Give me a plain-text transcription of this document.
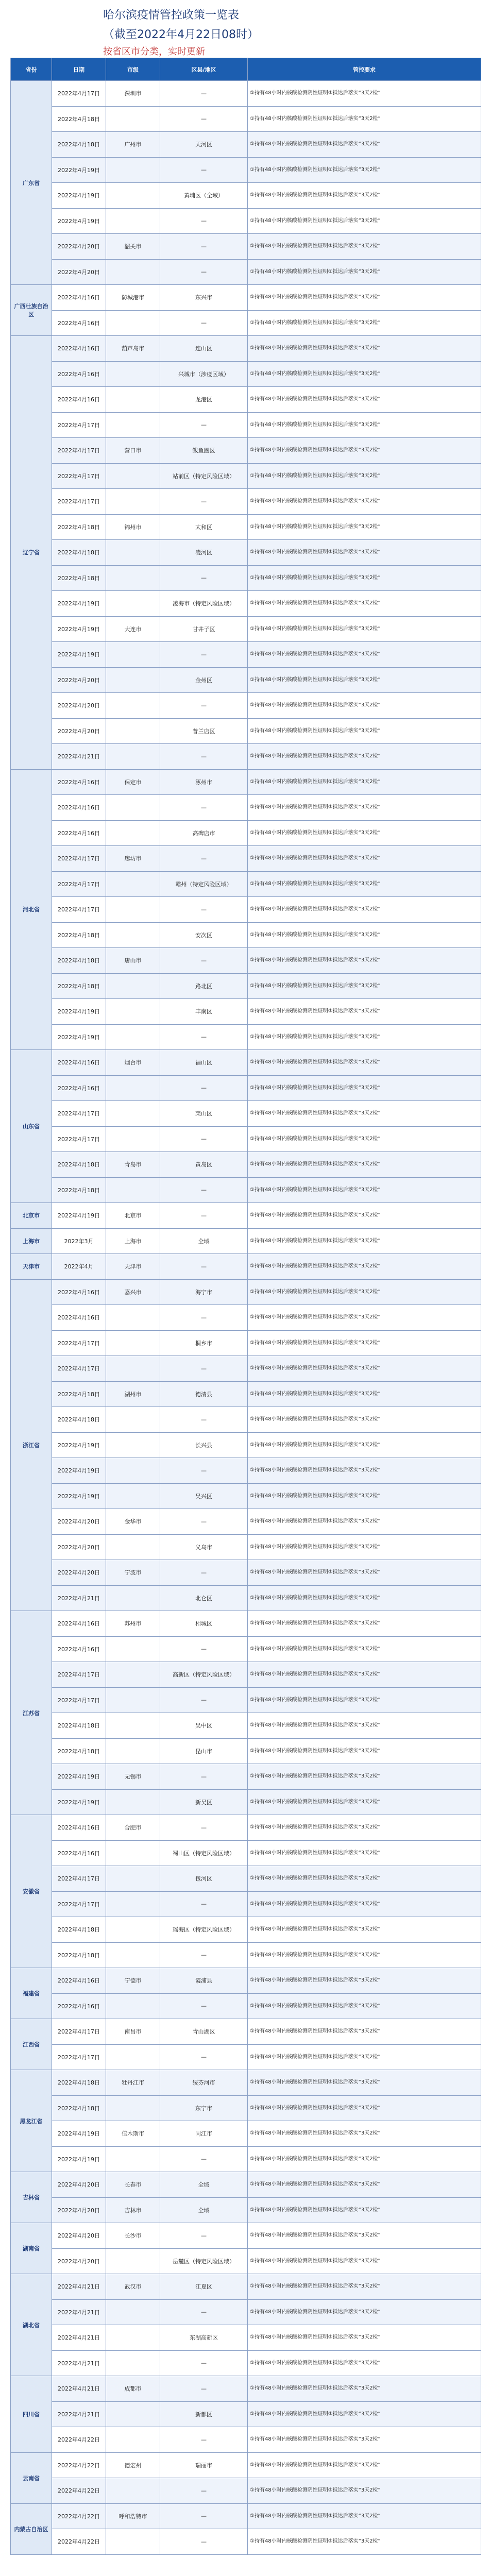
哈尔滨疫情管控政策一览表
（截至2022年4月22日08时）
按省区市分类，实时更新
省份	日期	市级	区县/地区	管控要求
广东省	2022年4月17日	深圳市	—	①持有48小时内核酸检测阴性证明②抵达后落实“3天2检”
	2022年4月18日		—	①持有48小时内核酸检测阴性证明②抵达后落实“3天2检”
	2022年4月18日	广州市	天河区	①持有48小时内核酸检测阴性证明②抵达后落实“3天2检”
	2022年4月19日		—	①持有48小时内核酸检测阴性证明②抵达后落实“3天2检”
	2022年4月19日		黄埔区（全域）	①持有48小时内核酸检测阴性证明②抵达后落实“3天2检”
	2022年4月19日		—	①持有48小时内核酸检测阴性证明②抵达后落实“3天2检”
	2022年4月20日	韶关市	—	①持有48小时内核酸检测阴性证明②抵达后落实“3天2检”
	2022年4月20日		—	①持有48小时内核酸检测阴性证明②抵达后落实“3天2检”
广西壮族自治区	2022年4月16日	防城港市	东兴市	①持有48小时内核酸检测阴性证明②抵达后落实“3天2检”
	2022年4月16日		—	①持有48小时内核酸检测阴性证明②抵达后落实“3天2检”
辽宁省	2022年4月16日	葫芦岛市	连山区	①持有48小时内核酸检测阴性证明②抵达后落实“3天2检”
	2022年4月16日		兴城市（涉疫区域）	①持有48小时内核酸检测阴性证明②抵达后落实“3天2检”
	2022年4月16日		龙港区	①持有48小时内核酸检测阴性证明②抵达后落实“3天2检”
	2022年4月17日		—	①持有48小时内核酸检测阴性证明②抵达后落实“3天2检”
	2022年4月17日	营口市	鲅鱼圈区	①持有48小时内核酸检测阴性证明②抵达后落实“3天2检”
	2022年4月17日		站前区（特定风险区域）	①持有48小时内核酸检测阴性证明②抵达后落实“3天2检”
	2022年4月17日		—	①持有48小时内核酸检测阴性证明②抵达后落实“3天2检”
	2022年4月18日	锦州市	太和区	①持有48小时内核酸检测阴性证明②抵达后落实“3天2检”
	2022年4月18日		凌河区	①持有48小时内核酸检测阴性证明②抵达后落实“3天2检”
	2022年4月18日		—	①持有48小时内核酸检测阴性证明②抵达后落实“3天2检”
	2022年4月19日		凌海市（特定风险区域）	①持有48小时内核酸检测阴性证明②抵达后落实“3天2检”
	2022年4月19日	大连市	甘井子区	①持有48小时内核酸检测阴性证明②抵达后落实“3天2检”
	2022年4月19日		—	①持有48小时内核酸检测阴性证明②抵达后落实“3天2检”
	2022年4月20日		金州区	①持有48小时内核酸检测阴性证明②抵达后落实“3天2检”
	2022年4月20日		—	①持有48小时内核酸检测阴性证明②抵达后落实“3天2检”
	2022年4月20日		普兰店区	①持有48小时内核酸检测阴性证明②抵达后落实“3天2检”
	2022年4月21日		—	①持有48小时内核酸检测阴性证明②抵达后落实“3天2检”
河北省	2022年4月16日	保定市	涿州市	①持有48小时内核酸检测阴性证明②抵达后落实“3天2检”
	2022年4月16日		—	①持有48小时内核酸检测阴性证明②抵达后落实“3天2检”
	2022年4月16日		高碑店市	①持有48小时内核酸检测阴性证明②抵达后落实“3天2检”
	2022年4月17日	廊坊市	—	①持有48小时内核酸检测阴性证明②抵达后落实“3天2检”
	2022年4月17日		霸州（特定风险区域）	①持有48小时内核酸检测阴性证明②抵达后落实“3天2检”
	2022年4月17日		—	①持有48小时内核酸检测阴性证明②抵达后落实“3天2检”
	2022年4月18日		安次区	①持有48小时内核酸检测阴性证明②抵达后落实“3天2检”
	2022年4月18日	唐山市	—	①持有48小时内核酸检测阴性证明②抵达后落实“3天2检”
	2022年4月18日		路北区	①持有48小时内核酸检测阴性证明②抵达后落实“3天2检”
	2022年4月19日		丰南区	①持有48小时内核酸检测阴性证明②抵达后落实“3天2检”
	2022年4月19日		—	①持有48小时内核酸检测阴性证明②抵达后落实“3天2检”
山东省	2022年4月16日	烟台市	福山区	①持有48小时内核酸检测阴性证明②抵达后落实“3天2检”
	2022年4月16日		—	①持有48小时内核酸检测阴性证明②抵达后落实“3天2检”
	2022年4月17日		莱山区	①持有48小时内核酸检测阴性证明②抵达后落实“3天2检”
	2022年4月17日		—	①持有48小时内核酸检测阴性证明②抵达后落实“3天2检”
	2022年4月18日	青岛市	黄岛区	①持有48小时内核酸检测阴性证明②抵达后落实“3天2检”
	2022年4月18日		—	①持有48小时内核酸检测阴性证明②抵达后落实“3天2检”
北京市	2022年4月19日	北京市	—	①持有48小时内核酸检测阴性证明②抵达后落实“3天2检”
上海市	2022年3月	上海市	全域	①持有48小时内核酸检测阴性证明②抵达后落实“3天2检”
天津市	2022年4月	天津市	—	①持有48小时内核酸检测阴性证明②抵达后落实“3天2检”
浙江省	2022年4月16日	嘉兴市	海宁市	①持有48小时内核酸检测阴性证明②抵达后落实“3天2检”
	2022年4月16日		—	①持有48小时内核酸检测阴性证明②抵达后落实“3天2检”
	2022年4月17日		桐乡市	①持有48小时内核酸检测阴性证明②抵达后落实“3天2检”
	2022年4月17日		—	①持有48小时内核酸检测阴性证明②抵达后落实“3天2检”
	2022年4月18日	湖州市	德清县	①持有48小时内核酸检测阴性证明②抵达后落实“3天2检”
	2022年4月18日		—	①持有48小时内核酸检测阴性证明②抵达后落实“3天2检”
	2022年4月19日		长兴县	①持有48小时内核酸检测阴性证明②抵达后落实“3天2检”
	2022年4月19日		—	①持有48小时内核酸检测阴性证明②抵达后落实“3天2检”
	2022年4月19日		吴兴区	①持有48小时内核酸检测阴性证明②抵达后落实“3天2检”
	2022年4月20日	金华市	—	①持有48小时内核酸检测阴性证明②抵达后落实“3天2检”
	2022年4月20日		义乌市	①持有48小时内核酸检测阴性证明②抵达后落实“3天2检”
	2022年4月20日	宁波市	—	①持有48小时内核酸检测阴性证明②抵达后落实“3天2检”
	2022年4月21日		北仑区	①持有48小时内核酸检测阴性证明②抵达后落实“3天2检”
江苏省	2022年4月16日	苏州市	相城区	①持有48小时内核酸检测阴性证明②抵达后落实“3天2检”
	2022年4月16日		—	①持有48小时内核酸检测阴性证明②抵达后落实“3天2检”
	2022年4月17日		高新区（特定风险区域）	①持有48小时内核酸检测阴性证明②抵达后落实“3天2检”
	2022年4月17日		—	①持有48小时内核酸检测阴性证明②抵达后落实“3天2检”
	2022年4月18日		吴中区	①持有48小时内核酸检测阴性证明②抵达后落实“3天2检”
	2022年4月18日		昆山市	①持有48小时内核酸检测阴性证明②抵达后落实“3天2检”
	2022年4月19日	无锡市	—	①持有48小时内核酸检测阴性证明②抵达后落实“3天2检”
	2022年4月19日		新吴区	①持有48小时内核酸检测阴性证明②抵达后落实“3天2检”
安徽省	2022年4月16日	合肥市	—	①持有48小时内核酸检测阴性证明②抵达后落实“3天2检”
	2022年4月16日		蜀山区（特定风险区域）	①持有48小时内核酸检测阴性证明②抵达后落实“3天2检”
	2022年4月17日		包河区	①持有48小时内核酸检测阴性证明②抵达后落实“3天2检”
	2022年4月17日		—	①持有48小时内核酸检测阴性证明②抵达后落实“3天2检”
	2022年4月18日		瑶海区（特定风险区域）	①持有48小时内核酸检测阴性证明②抵达后落实“3天2检”
	2022年4月18日		—	①持有48小时内核酸检测阴性证明②抵达后落实“3天2检”
福建省	2022年4月16日	宁德市	霞浦县	①持有48小时内核酸检测阴性证明②抵达后落实“3天2检”
	2022年4月16日		—	①持有48小时内核酸检测阴性证明②抵达后落实“3天2检”
江西省	2022年4月17日	南昌市	青山湖区	①持有48小时内核酸检测阴性证明②抵达后落实“3天2检”
	2022年4月17日		—	①持有48小时内核酸检测阴性证明②抵达后落实“3天2检”
黑龙江省	2022年4月18日	牡丹江市	绥芬河市	①持有48小时内核酸检测阴性证明②抵达后落实“3天2检”
	2022年4月18日		东宁市	①持有48小时内核酸检测阴性证明②抵达后落实“3天2检”
	2022年4月19日	佳木斯市	同江市	①持有48小时内核酸检测阴性证明②抵达后落实“3天2检”
	2022年4月19日		—	①持有48小时内核酸检测阴性证明②抵达后落实“3天2检”
吉林省	2022年4月20日	长春市	全域	①持有48小时内核酸检测阴性证明②抵达后落实“3天2检”
	2022年4月20日	吉林市	全域	①持有48小时内核酸检测阴性证明②抵达后落实“3天2检”
湖南省	2022年4月20日	长沙市	—	①持有48小时内核酸检测阴性证明②抵达后落实“3天2检”
	2022年4月20日		岳麓区（特定风险区域）	①持有48小时内核酸检测阴性证明②抵达后落实“3天2检”
湖北省	2022年4月21日	武汉市	江夏区	①持有48小时内核酸检测阴性证明②抵达后落实“3天2检”
	2022年4月21日		—	①持有48小时内核酸检测阴性证明②抵达后落实“3天2检”
	2022年4月21日		东湖高新区	①持有48小时内核酸检测阴性证明②抵达后落实“3天2检”
	2022年4月21日		—	①持有48小时内核酸检测阴性证明②抵达后落实“3天2检”
四川省	2022年4月21日	成都市	—	①持有48小时内核酸检测阴性证明②抵达后落实“3天2检”
	2022年4月21日		新都区	①持有48小时内核酸检测阴性证明②抵达后落实“3天2检”
	2022年4月22日		—	①持有48小时内核酸检测阴性证明②抵达后落实“3天2检”
云南省	2022年4月22日	德宏州	瑞丽市	①持有48小时内核酸检测阴性证明②抵达后落实“3天2检”
	2022年4月22日		—	①持有48小时内核酸检测阴性证明②抵达后落实“3天2检”
内蒙古自治区	2022年4月22日	呼和浩特市	—	①持有48小时内核酸检测阴性证明②抵达后落实“3天2检”
	2022年4月22日		—	①持有48小时内核酸检测阴性证明②抵达后落实“3天2检”
